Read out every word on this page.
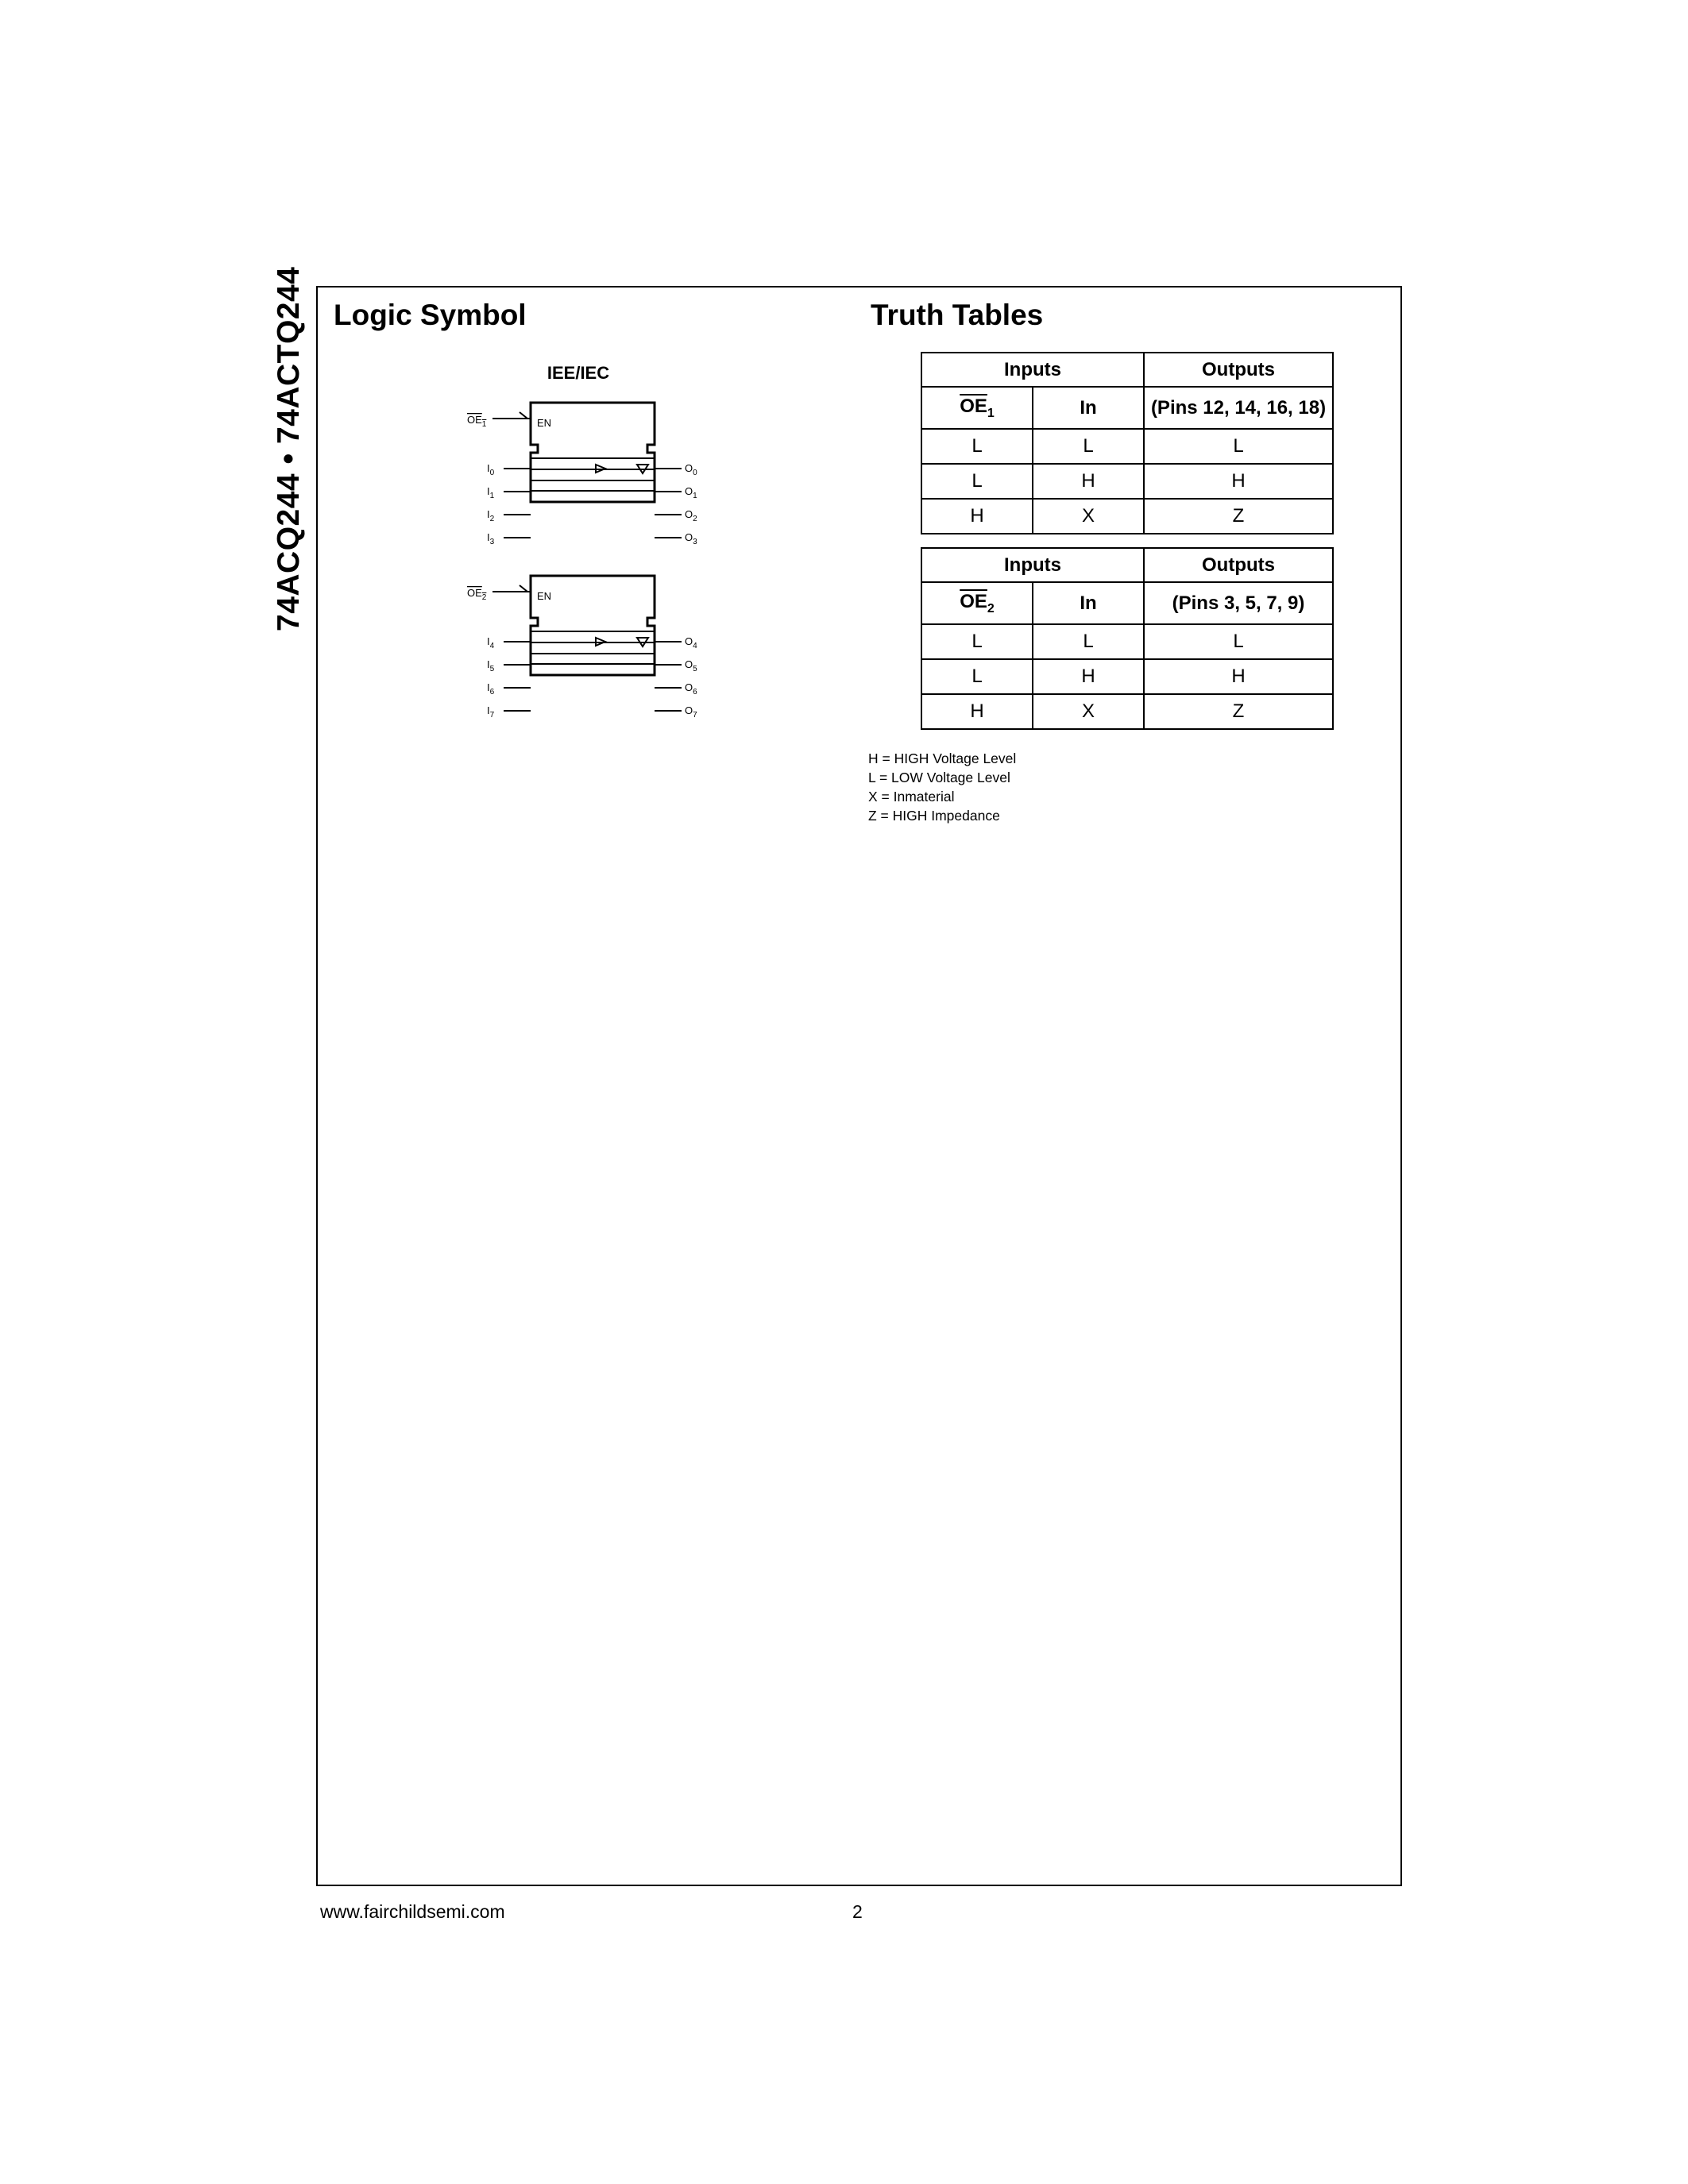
74ACQ244 • 74ACTQ244 Logic Symbol	Truth Tables
IEE/IEC
$OE_1$	EN
$I_0$
$I_1$
$I_2$
$I_3$
$O_0$
$O_1$
$O_2$
$O_3$
$OE_2$	EN
$I_4$
$I_5$
$I_6$
$I_7$
$O_4$
$O_5$
$O_6$
$O_7$
Inputs		Outputs
$\overline{OE}_1$	In	(Pins 12, 14, 16, 18)
L	L	L
L	H	H
H	X	Z
Inputs		Outputs
$\overline{OE}_2$	In	(Pins 3, 5, 7, 9)
L	L	L
L	H	H
H	X	Z
H = HIGH Voltage Level
L = LOW Voltage Level
X = Inmaterial
Z = HIGH Impedance
www.fairchildsemi.com	2
